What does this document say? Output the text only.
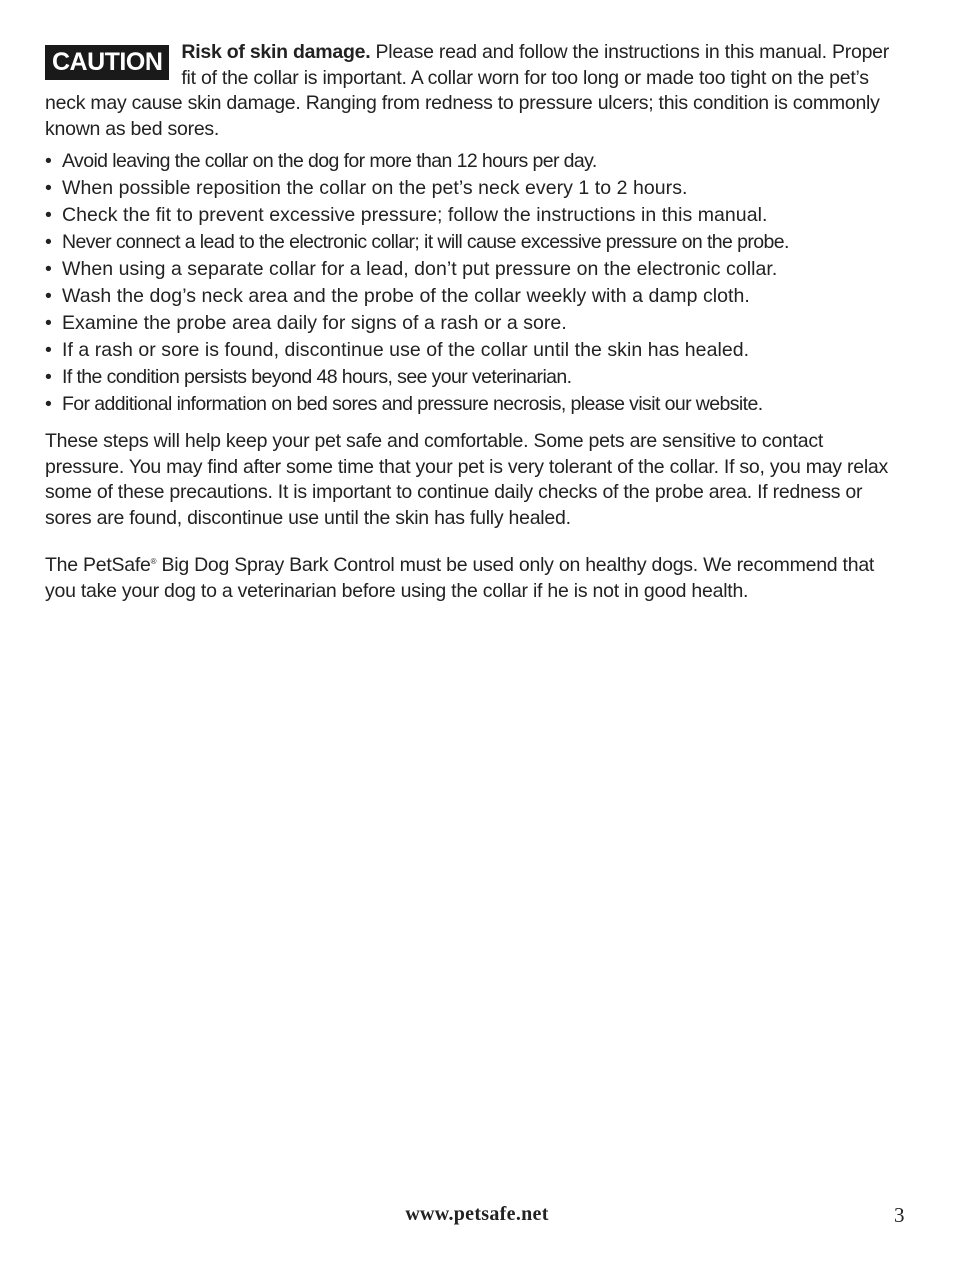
CAUTION Risk of skin damage. Please read and follow the instructions in this manual. Proper fit of the collar is important. A collar worn for too long or made too tight on the pet’s neck may cause skin damage. Ranging from redness to pressure ulcers; this condition is commonly known as bed sores.
• Avoid leaving the collar on the dog for more than 12 hours per day.
• When possible reposition the collar on the pet’s neck every 1 to 2 hours.
• Check the fit to prevent excessive pressure; follow the instructions in this manual.
• Never connect a lead to the electronic collar; it will cause excessive pressure on the probe.
• When using a separate collar for a lead, don’t put pressure on the electronic collar.
• Wash the dog’s neck area and the probe of the collar weekly with a damp cloth.
• Examine the probe area daily for signs of a rash or a sore.
• If a rash or sore is found, discontinue use of the collar until the skin has healed.
• If the condition persists beyond 48 hours, see your veterinarian.
• For additional information on bed sores and pressure necrosis, please visit our website.

These steps will help keep your pet safe and comfortable. Some pets are sensitive to contact pressure. You may find after some time that your pet is very tolerant of the collar. If so, you may relax some of these precautions. It is important to continue daily checks of the probe area. If redness or sores are found, discontinue use until the skin has fully healed.

The PetSafe® Big Dog Spray Bark Control must be used only on healthy dogs. We recommend that you take your dog to a veterinarian before using the collar if he is not in good health.

www.petsafe.net	3
